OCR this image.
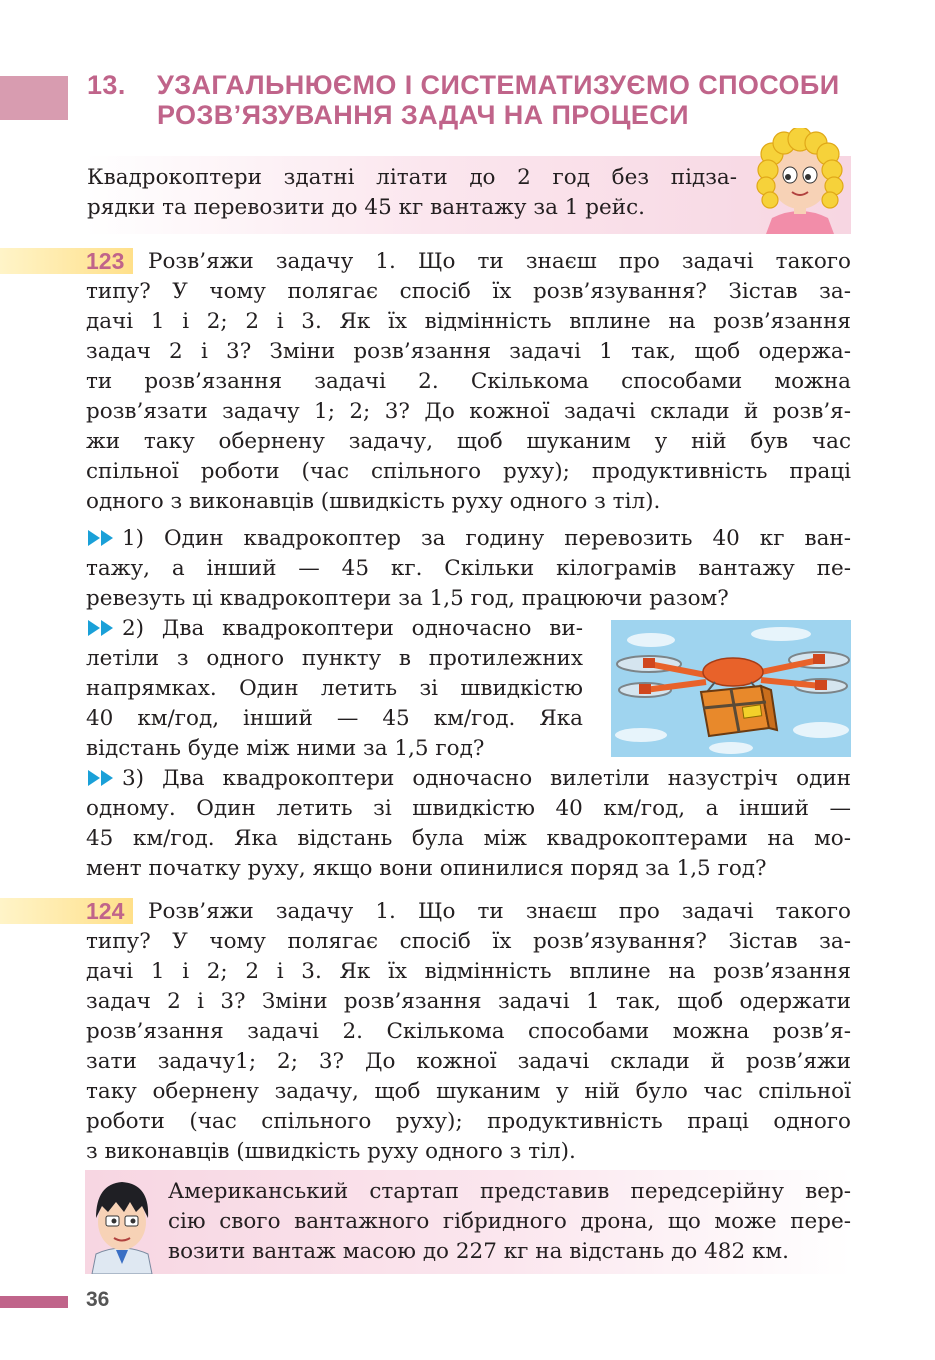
13. УЗАГАЛЬНЮЄМО І СИСТЕМАТИЗУЄМО СПОСОБИ
РОЗВ’ЯЗУВАННЯ ЗАДАЧ НА ПРОЦЕСИ
Квадрокоптери здатні літати до 2 год без підза-
рядки та перевозити до 45 кг вантажу за 1 рейс.
123	Розв’яжи задачу 1. Що ти знаєш про задачі такого
типу? У чому полягає спосіб їх розв’язування? Зістав за-
дачі 1 і 2; 2 і 3. Як їх відмінність вплине на розв’язання
задач 2 і 3? Зміни розв’язання задачі 1 так, щоб одержа-
ти розв’язання задачі 2. Скількома способами можна
розв’язати задачу 1; 2; 3? До кожної задачі склади й розв’я-
жи таку обернену задачу, щоб шуканим у ній був час
спільної роботи (час спільного руху); продуктивність праці
одного з виконавців (швидкість руху одного з тіл).
1) Один квадрокоптер за годину перевозить 40 кг ван-
тажу, а інший — 45 кг. Скільки кілограмів вантажу пе-
ревезуть ці квадрокоптери за 1,5 год, працюючи разом?
2) Два квадрокоптери одночасно ви-
летіли з одного пункту в протилежних
напрямках. Один летить зі швидкістю
40 км/год, інший — 45 км/год. Яка
відстань буде між ними за 1,5 год?
3) Два квадрокоптери одночасно вилетіли назустріч один
одному. Один летить зі швидкістю 40 км/год, а інший —
45 км/год. Яка відстань була між квадрокоптерами на мо-
мент початку руху, якщо вони опинилися поряд за 1,5 год?
124	Розв’яжи задачу 1. Що ти знаєш про задачі такого
типу? У чому полягає спосіб їх розв’язування? Зістав за-
дачі 1 і 2; 2 і 3. Як їх відмінність вплине на розв’язання
задач 2 і 3? Зміни розв’язання задачі 1 так, щоб одержати
розв’язання задачі 2. Скількома способами можна розв’я-
зати задачу1; 2; 3? До кожної задачі склади й розв’яжи
таку обернену задачу, щоб шуканим у ній було час спільної
роботи (час спільного руху); продуктивність праці одного
з виконавців (швидкість руху одного з тіл).
Американський стартап представив передсерійну вер-
сію свого вантажного гібридного дрона, що може пере-
возити вантаж масою до 227 кг на відстань до 482 км.
36
